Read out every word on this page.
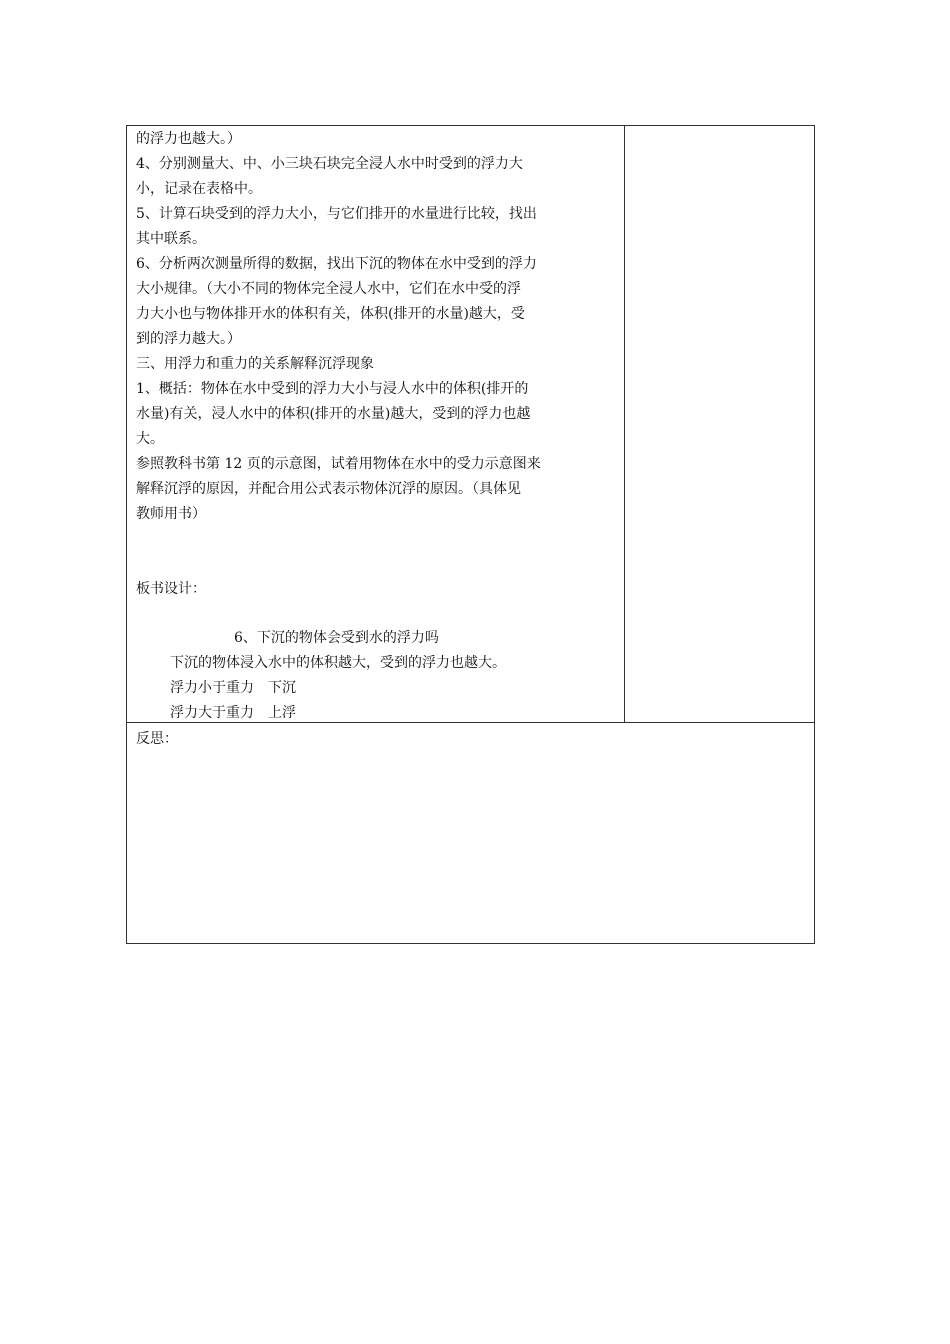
的浮力也越大。）
4、分别测量大、中、小三块石块完全浸人水中时受到的浮力大
小，记录在表格中。
5、计算石块受到的浮力大小，与它们排开的水量进行比较，找出
其中联系。
6、分析两次测量所得的数据，找出下沉的物体在水中受到的浮力
大小规律。（大小不同的物体完全浸人水中，它们在水中受的浮
力大小也与物体排开水的体积有关，体积(排开的水量)越大，受
到的浮力越大。）
三、用浮力和重力的关系解释沉浮现象
1、概括：物体在水中受到的浮力大小与浸人水中的体积(排开的
水量)有关，浸人水中的体积(排开的水量)越大，受到的浮力也越
大。
参照教科书第 12 页的示意图，试着用物体在水中的受力示意图来
解释沉浮的原因，并配合用公式表示物体沉浮的原因。（具体见
教师用书）
板书设计：
6、下沉的物体会受到水的浮力吗
下沉的物体浸入水中的体积越大，受到的浮力也越大。
浮力小于重力　下沉
浮力大于重力　上浮
反思：
